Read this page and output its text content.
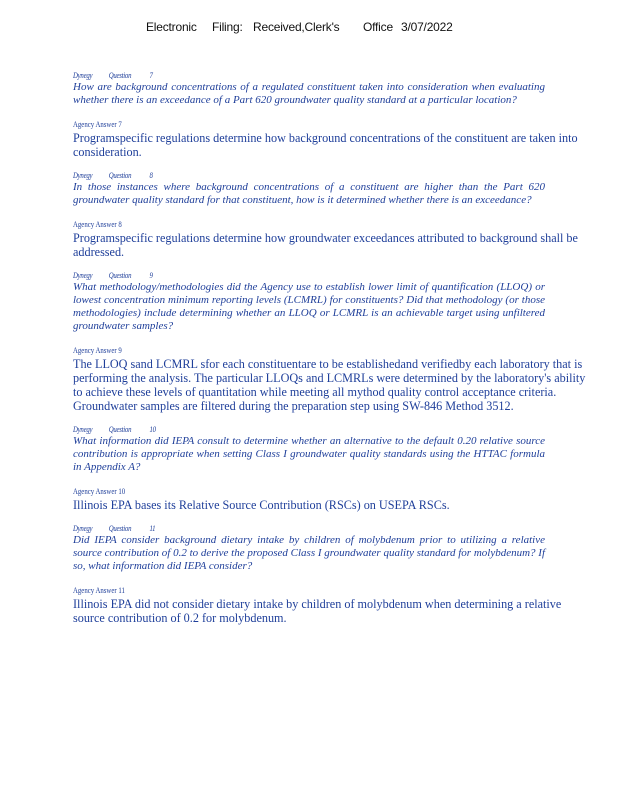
Electronic Filing: Received,Clerk's Office 3/07/2022
Dynegy Question 7
How are background concentrations of a regulated constituent taken into consideration when evaluating whether there is an exceedance of a Part 620 groundwater quality standard at a particular location?
Agency Answer 7
Programspecific regulations determine how background concentrations of the constituent are taken into consideration.
Dynegy Question 8
In those instances where background concentrations of a constituent are higher than the Part 620 groundwater quality standard for that constituent, how is it determined whether there is an exceedance?
Agency Answer 8
Programspecific regulations determine how groundwater exceedances attributed to background shall be addressed.
Dynegy Question 9
What methodology/methodologies did the Agency use to establish lower limit of quantification (LLOQ) or lowest concentration minimum reporting levels (LCMRL) for constituents? Did that methodology (or those methodologies) include determining whether an LLOQ or LCMRL is an achievable target using unfiltered groundwater samples?
Agency Answer 9
The LLOQ sand LCMRL sfor each constituentare to be establishedand verifiedby each laboratory that is performing the analysis. The particular LLOQs and LCMRLs were determined by the laboratory's ability to achieve these levels of quantitation while meeting all mythod quality control acceptance criteria. Groundwater samples are filtered during the preparation step using SW-846 Method 3512.
Dynegy Question 10
What information did IEPA consult to determine whether an alternative to the default 0.20 relative source contribution is appropriate when setting Class I groundwater quality standards using the HTTAC formula in Appendix A?
Agency Answer 10
Illinois EPA bases its Relative Source Contribution (RSCs) on USEPA RSCs.
Dynegy Question 11
Did IEPA consider background dietary intake by children of molybdenum prior to utilizing a relative source contribution of 0.2 to derive the proposed Class I groundwater quality standard for molybdenum? If so, what information did IEPA consider?
Agency Answer 11
Illinois EPA did not consider dietary intake by children of molybdenum when determining a relative source contribution of 0.2 for molybdenum.
